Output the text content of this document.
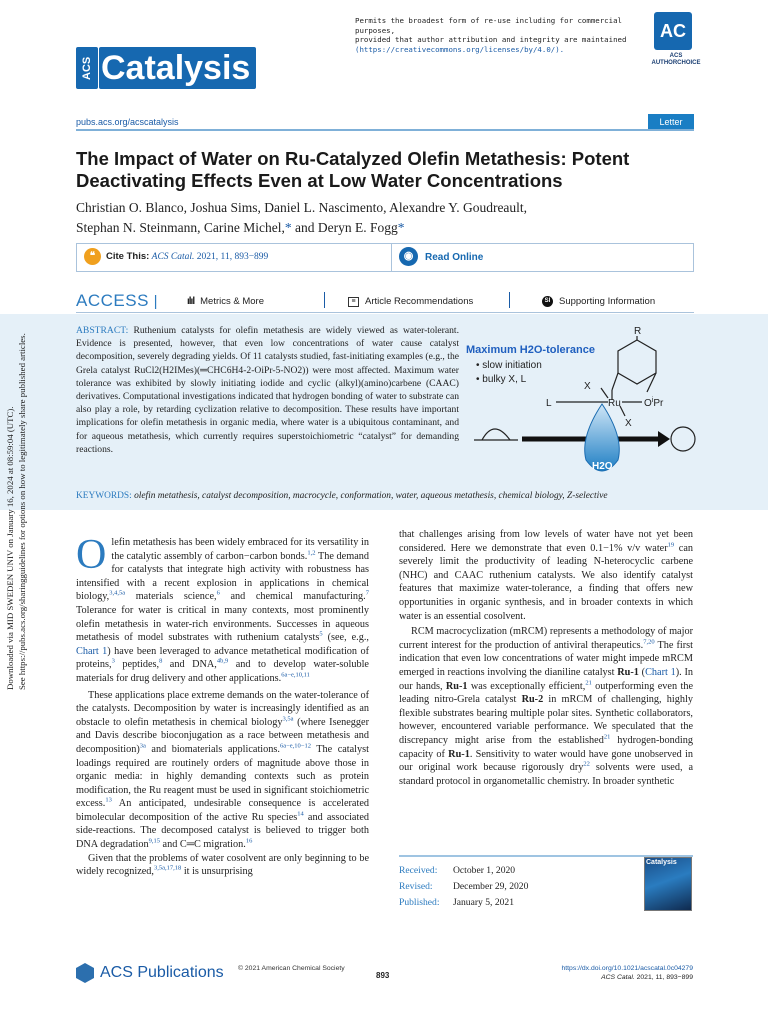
Permits the broadest form of re-use including for commercial purposes,
provided that author attribution and integrity are maintained
(https://creativecommons.org/licenses/by/4.0/).
AC
ACS
AUTHORCHOICE
ACS Catalysis
pubs.acs.org/acscatalysis	Letter
The Impact of Water on Ru-Catalyzed Olefin Metathesis: Potent Deactivating Effects Even at Low Water Concentrations
Christian O. Blanco, Joshua Sims, Daniel L. Nascimento, Alexandre Y. Goudreault,
Stephan N. Steinmann, Carine Michel,* and Deryn E. Fogg*
❝	Cite This: ACS Catal. 2021, 11, 893−899	◉	Read Online
ACCESS |	ılıl Metrics & More	≡ Article Recommendations	SI Supporting Information
ABSTRACT: Ruthenium catalysts for olefin metathesis are widely viewed as water-tolerant. Evidence is presented, however, that even low concentrations of water cause catalyst decomposition, severely degrading yields. Of 11 catalysts studied, fast-initiating examples (e.g., the Grela catalyst RuCl2(H2IMes)(═CHC6H4-2-OiPr-5-NO2)) were most affected. Maximum water tolerance was exhibited by slowly initiating iodide and cyclic (alkyl)(amino)carbene (CAAC) derivatives. Computational investigations indicated that hydrogen bonding of water to substrate can also play a role, by retarding cyclization relative to decomposition. These results have important implications for olefin metathesis in organic media, where water is a ubiquitous contaminant, and for aqueous metathesis, which currently requires superstoichiometric “catalyst” for demanding reactions.
Maximum H2O-tolerance
• slow initiation
• bulky X, L
R
X
X
L	Ru $O^iPr$
H2O
KEYWORDS: olefin metathesis, catalyst decomposition, macrocycle, conformation, water, aqueous metathesis, chemical biology, Z-selective

Olefin metathesis has been widely embraced for its versatility in the catalytic assembly of carbon−carbon bonds.$^{1,2}$ The demand for catalysts that integrate high activity with robustness has intensified with a recent explosion in applications in chemical biology,$^{3,4,5a}$ materials science,$^6$ and chemical manufacturing.$^7$ Tolerance for water is critical in many contexts, most prominently olefin metathesis in water-rich environments. Successes in aqueous metathesis of model substrates with ruthenium catalysts$^5$ (see, e.g., Chart 1) have been leveraged to advance metathetical modification of proteins,$^3$ peptides,$^8$ and DNA,$^{4b,9}$ and to develop water-soluble materials for drug delivery and other applications.$^{6a-e,10,11}$

These applications place extreme demands on the water-tolerance of the catalysts. Decomposition by water is increasingly identified as an obstacle to olefin metathesis in chemical biology$^{3,5a}$ (where Isenegger and Davis describe bioconjugation as a race between metathesis and decomposition)$^{3a}$ and biomaterials applications.$^{6a-e,10-12}$ The catalyst loadings required are routinely orders of magnitude above those in organic media: in highly demanding contexts such as protein modification, the Ru reagent must be used in significant stoichiometric excess.$^{13}$ An anticipated, undesirable consequence is accelerated bimolecular decomposition of the active Ru species$^{14}$ and associated side-reactions. The decomposed catalyst is believed to trigger both DNA degradation$^{9,15}$ and C═C migration.$^{16}$

Given that the problems of water cosolvent are only beginning to be widely recognized,$^{3,5a,17,18}$ it is unsurprising

that challenges arising from low levels of water have not yet been considered. Here we demonstrate that even 0.1−1% v/v water$^{19}$ can severely limit the productivity of leading N-heterocyclic carbene (NHC) and CAAC ruthenium catalysts. We also identify catalyst features that maximize water-tolerance, a finding that offers new opportunities in organic synthesis, and in broader contexts in which water is an essential cosolvent.

RCM macrocyclization (mRCM) represents a methodology of major current interest for the production of antiviral therapeutics.$^{7,20}$ The first indication that even low concentrations of water might impede mRCM emerged in reactions involving the dianiline catalyst Ru-1 (Chart 1). In our hands, Ru-1 was exceptionally efficient,$^{21}$ outperforming even the leading nitro-Grela catalyst Ru-2 in mRCM of challenging, highly flexible substrates bearing multiple polar sites. Synthetic collaborators, however, encountered variable performance. We speculated that the discrepancy might arise from the established$^{21}$ hydrogen-bonding capacity of Ru-1. Sensitivity to water would have gone unobserved in our original work because rigorously dry$^{22}$ solvents were used, a standard protocol in organometallic chemistry. In broader synthetic

Received: October 1, 2020
Revised: December 29, 2020
Published: January 5, 2021
Catalysis
Downloaded via MID SWEDEN UNIV on January 16, 2024 at 08:59:04 (UTC). See https://pubs.acs.org/sharingguidelines for options on how to legitimately share published articles.
ACS Publications © 2021 American Chemical Society
893
https://dx.doi.org/10.1021/acscatal.0c04279
ACS Catal. 2021, 11, 893−899
